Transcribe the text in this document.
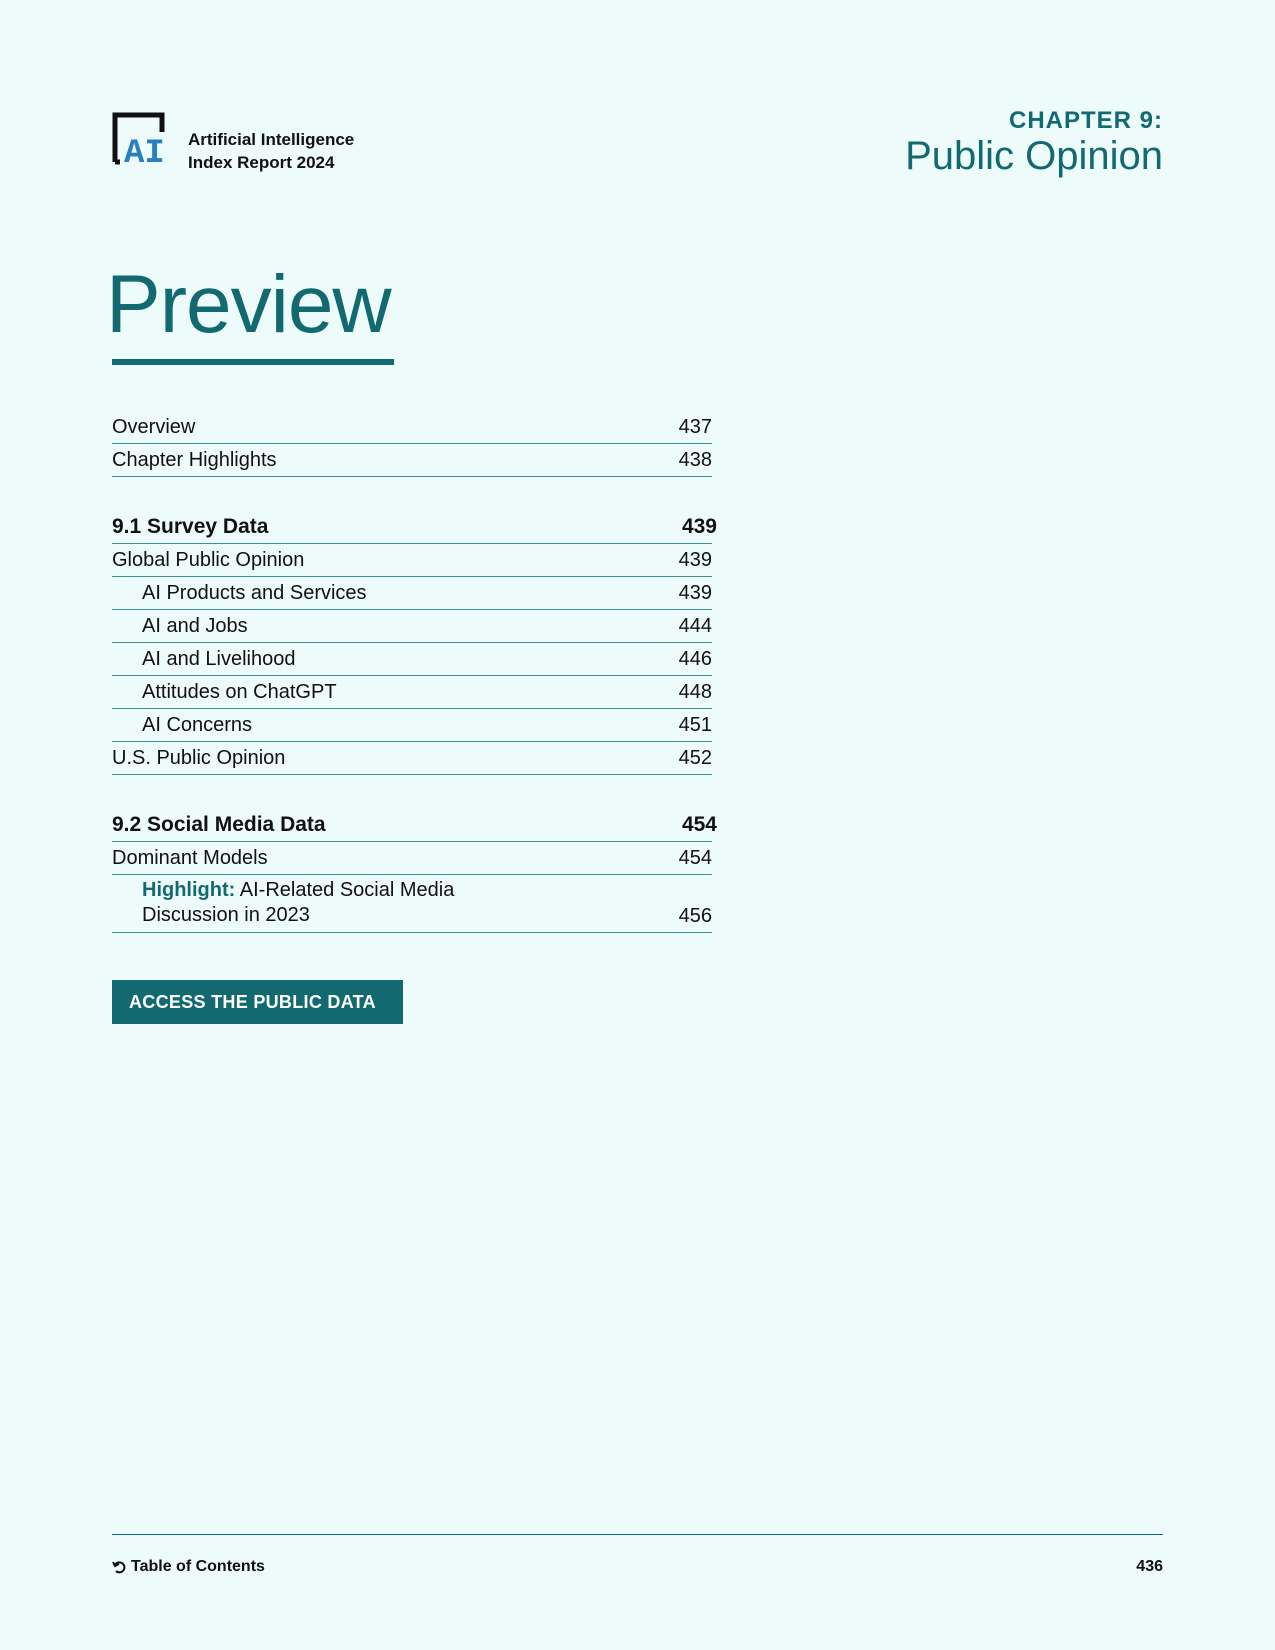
AI Artificial Intelligence
Index Report 2024
CHAPTER 9:
Public Opinion
Preview
Overview	437
Chapter Highlights	438
9.1 Survey Data	439
Global Public Opinion	439
AI Products and Services	439
AI and Jobs	444
AI and Livelihood	446
Attitudes on ChatGPT	448
AI Concerns	451
U.S. Public Opinion	452
9.2 Social Media Data	454
Dominant Models	454
Highlight: AI-Related Social Media
Discussion in 2023	456
ACCESS THE PUBLIC DATA
Table of Contents	436
